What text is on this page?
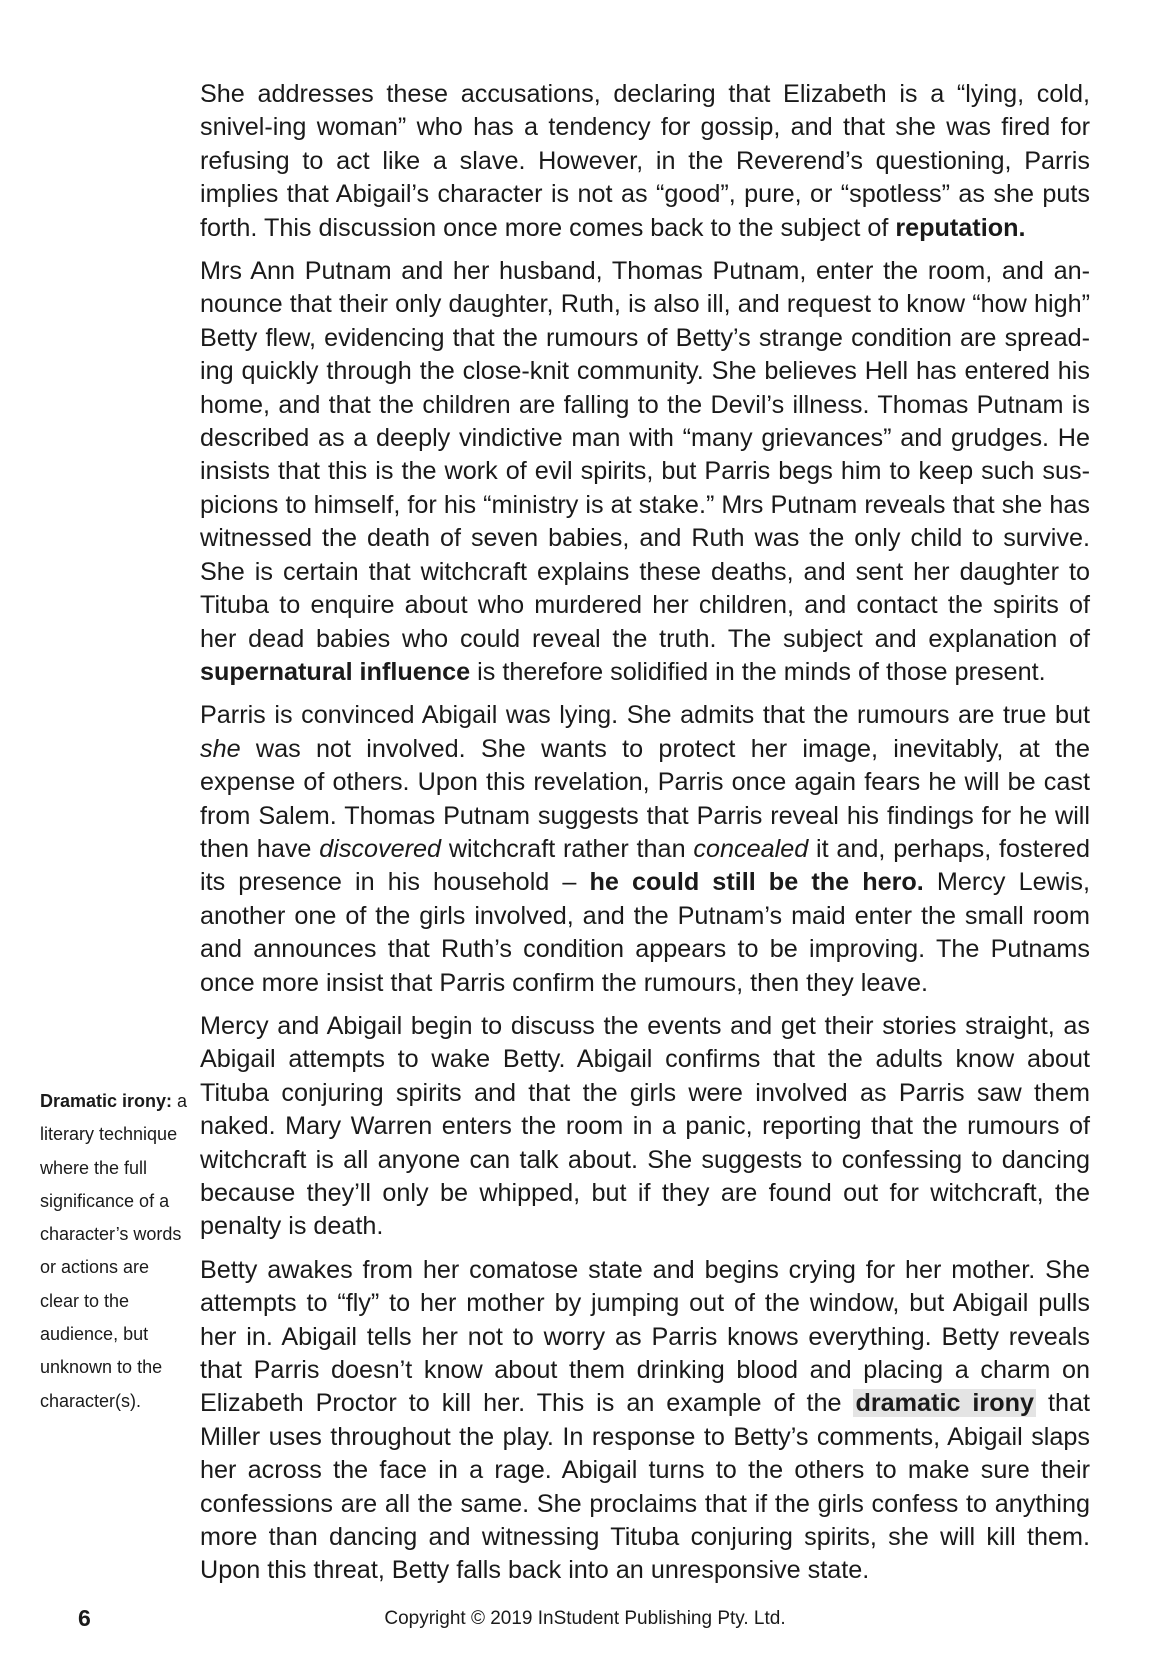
She addresses these accusations, declaring that Elizabeth is a “lying, cold, snivel-ing woman” who has a tendency for gossip, and that she was fired for refusing to act like a slave. However, in the Reverend’s questioning, Parris implies that Abigail’s character is not as “good”, pure, or “spotless” as she puts forth. This discussion once more comes back to the subject of reputation.

Mrs Ann Putnam and her husband, Thomas Putnam, enter the room, and an-nounce that their only daughter, Ruth, is also ill, and request to know “how high” Betty flew, evidencing that the rumours of Betty’s strange condition are spread-ing quickly through the close-knit community. She believes Hell has entered his home, and that the children are falling to the Devil’s illness. Thomas Putnam is described as a deeply vindictive man with “many grievances” and grudges. He insists that this is the work of evil spirits, but Parris begs him to keep such sus-picions to himself, for his “ministry is at stake.” Mrs Putnam reveals that she has witnessed the death of seven babies, and Ruth was the only child to survive. She is certain that witchcraft explains these deaths, and sent her daughter to Tituba to enquire about who murdered her children, and contact the spirits of her dead babies who could reveal the truth. The subject and explanation of supernatural influence is therefore solidified in the minds of those present.

Parris is convinced Abigail was lying. She admits that the rumours are true but she was not involved. She wants to protect her image, inevitably, at the expense of others. Upon this revelation, Parris once again fears he will be cast from Salem. Thomas Putnam suggests that Parris reveal his findings for he will then have discovered witchcraft rather than concealed it and, perhaps, fostered its presence in his household – he could still be the hero. Mercy Lewis, another one of the girls involved, and the Putnam’s maid enter the small room and announces that Ruth’s condition appears to be improving. The Putnams once more insist that Parris confirm the rumours, then they leave.

Mercy and Abigail begin to discuss the events and get their stories straight, as Abigail attempts to wake Betty. Abigail confirms that the adults know about Tituba conjuring spirits and that the girls were involved as Parris saw them naked. Mary Warren enters the room in a panic, reporting that the rumours of witchcraft is all anyone can talk about. She suggests to confessing to dancing because they’ll only be whipped, but if they are found out for witchcraft, the penalty is death.

Betty awakes from her comatose state and begins crying for her mother. She attempts to “fly” to her mother by jumping out of the window, but Abigail pulls her in. Abigail tells her not to worry as Parris knows everything. Betty reveals that Parris doesn’t know about them drinking blood and placing a charm on Elizabeth Proctor to kill her. This is an example of the dramatic irony that Miller uses throughout the play. In response to Betty’s comments, Abigail slaps her across the face in a rage. Abigail turns to the others to make sure their confessions are all the same. She proclaims that if the girls confess to anything more than dancing and witnessing Tituba conjuring spirits, she will kill them. Upon this threat, Betty falls back into an unresponsive state.

Dramatic irony: a literary technique where the full significance of a character’s words or actions are clear to the audience, but unknown to the character(s).
6	Copyright © 2019 InStudent Publishing Pty. Ltd.
